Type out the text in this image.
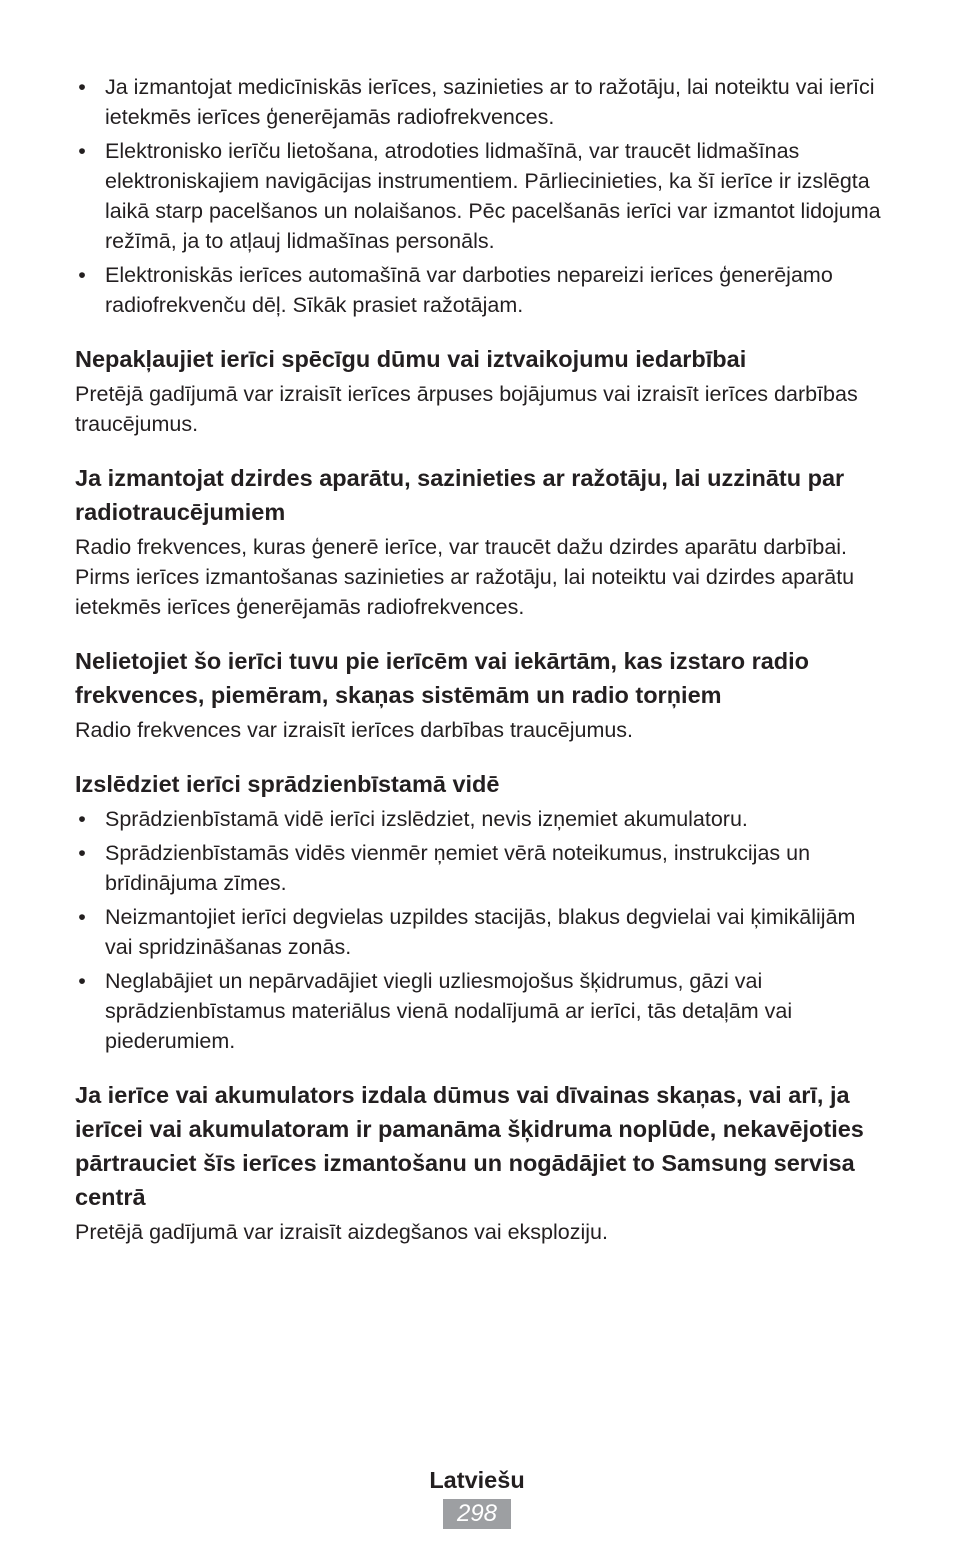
• Ja izmantojat medicīniskās ierīces, sazinieties ar to ražotāju, lai noteiktu vai ierīci ietekmēs ierīces ģenerējamās radiofrekvences.
• Elektronisko ierīču lietošana, atrodoties lidmašīnā, var traucēt lidmašīnas elektroniskajiem navigācijas instrumentiem. Pārliecinieties, ka šī ierīce ir izslēgta laikā starp pacelšanos un nolaišanos. Pēc pacelšanās ierīci var izmantot lidojuma režīmā, ja to atļauj lidmašīnas personāls.
• Elektroniskās ierīces automašīnā var darboties nepareizi ierīces ģenerējamo radiofrekvenču dēļ. Sīkāk prasiet ražotājam.
Nepakļaujiet ierīci spēcīgu dūmu vai iztvaikojumu iedarbībai

Pretējā gadījumā var izraisīt ierīces ārpuses bojājumus vai izraisīt ierīces darbības traucējumus.

Ja izmantojat dzirdes aparātu, sazinieties ar ražotāju, lai uzzinātu par radiotraucējumiem

Radio frekvences, kuras ģenerē ierīce, var traucēt dažu dzirdes aparātu darbībai. Pirms ierīces izmantošanas sazinieties ar ražotāju, lai noteiktu vai dzirdes aparātu ietekmēs ierīces ģenerējamās radiofrekvences.

Nelietojiet šo ierīci tuvu pie ierīcēm vai iekārtām, kas izstaro radio frekvences, piemēram, skaņas sistēmām un radio torņiem

Radio frekvences var izraisīt ierīces darbības traucējumus.

Izslēdziet ierīci sprādzienbīstamā vidē
• Sprādzienbīstamā vidē ierīci izslēdziet, nevis izņemiet akumulatoru.
• Sprādzienbīstamās vidēs vienmēr ņemiet vērā noteikumus, instrukcijas un brīdinājuma zīmes.
• Neizmantojiet ierīci degvielas uzpildes stacijās, blakus degvielai vai ķimikālijām vai spridzināšanas zonās.
• Neglabājiet un nepārvadājiet viegli uzliesmojošus šķidrumus, gāzi vai sprādzienbīstamus materiālus vienā nodalījumā ar ierīci, tās detaļām vai piederumiem.
Ja ierīce vai akumulators izdala dūmus vai dīvainas skaņas, vai arī, ja ierīcei vai akumulatoram ir pamanāma šķidruma noplūde, nekavējoties pārtrauciet šīs ierīces izmantošanu un nogādājiet to Samsung servisa centrā

Pretējā gadījumā var izraisīt aizdegšanos vai eksploziju.

Latviešu
298
